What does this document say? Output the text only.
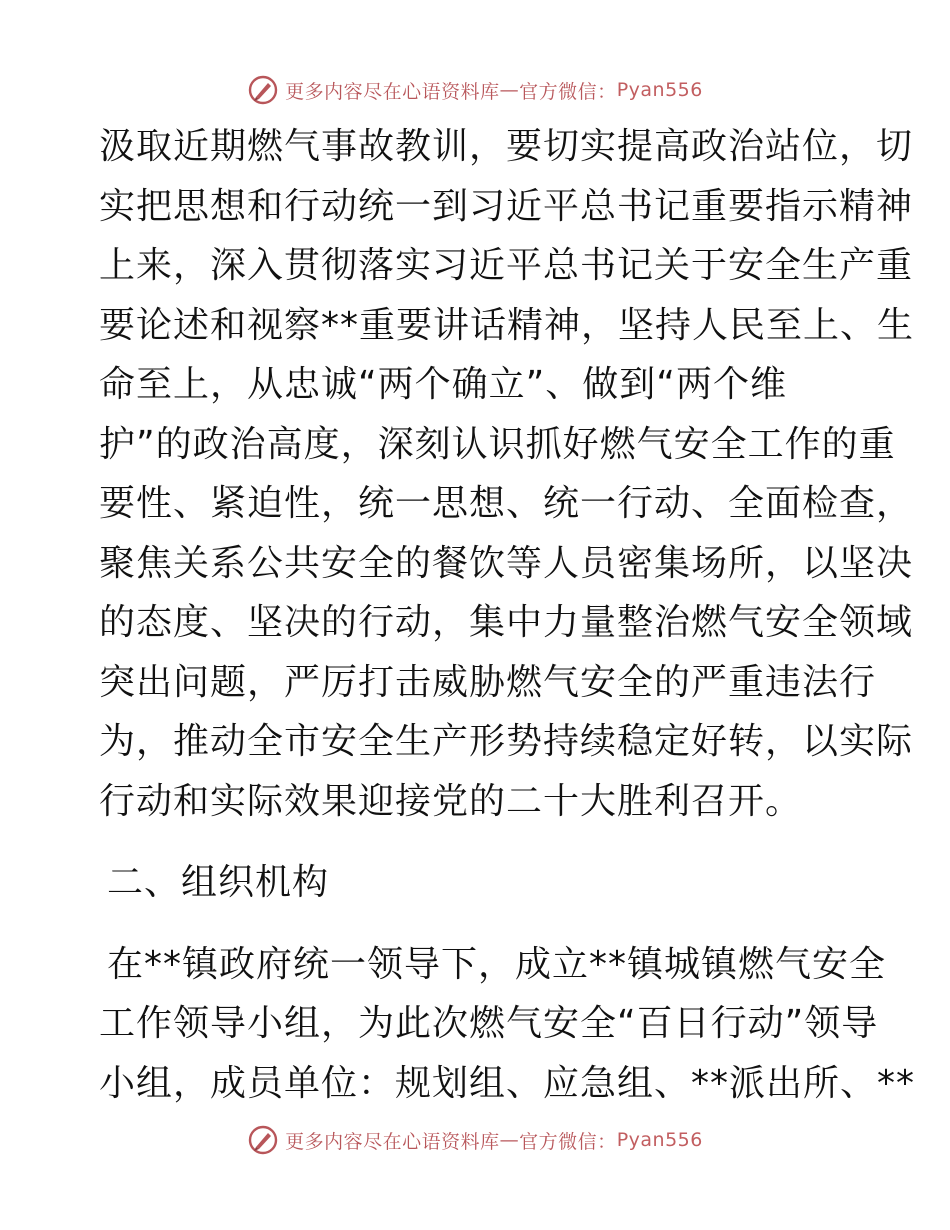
更多内容尽在心语资料库 — 官方微信： Pyan556
汲取近期燃气事故教训，要切实提高政治站位，切
实把思想和行动统一到习近平总书记重要指示精神
上来，深入贯彻落实习近平总书记关于安全生产重
要论述和视察**重要讲话精神，坚持人民至上、生
命至上，从忠诚“两个确立”、做到“两个维
护”的政治高度，深刻认识抓好燃气安全工作的重
要性、紧迫性，统一思想、统一行动、全面检查，
聚焦关系公共安全的餐饮等人员密集场所，以坚决
的态度、坚决的行动，集中力量整治燃气安全领域
突出问题，严厉打击威胁燃气安全的严重违法行
为，推动全市安全生产形势持续稳定好转，以实际
行动和实际效果迎接党的二十大胜利召开。
二、组织机构
在**镇政府统一领导下，成立**镇城镇燃气安全
工作领导小组，为此次燃气安全“百日行动”领导
小组，成员单位：规划组、应急组、**派出所、**
更多内容尽在心语资料库 — 官方微信： Pyan556
